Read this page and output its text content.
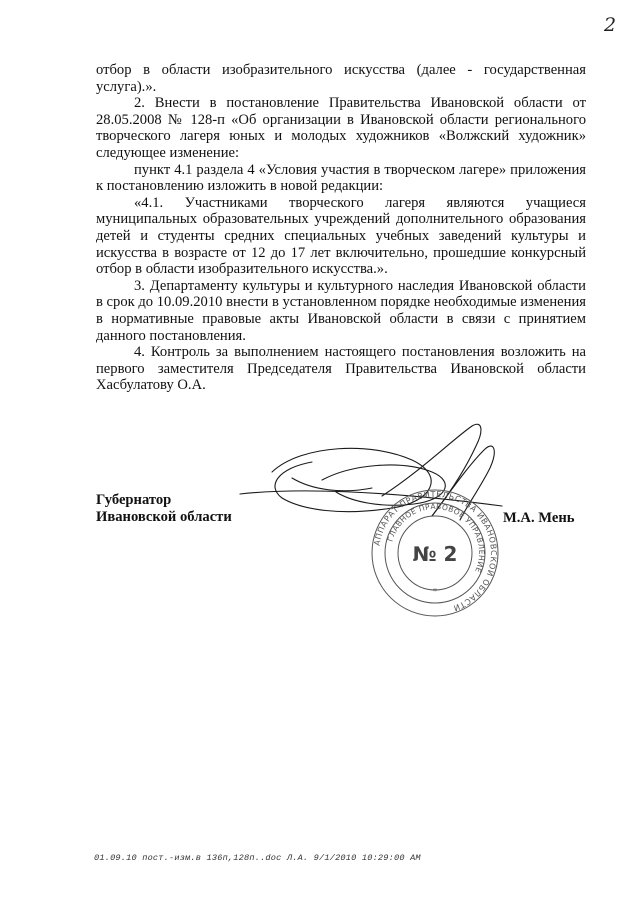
2

отбор в области изобразительного искусства (далее - государственная услуга).».

2. Внести в постановление Правительства Ивановской области от 28.05.2008 № 128-п «Об организации в Ивановской области регионального творческого лагеря юных и молодых художников «Волжский художник» следующее изменение:

пункт 4.1 раздела 4 «Условия участия в творческом лагере» приложения к постановлению изложить в новой редакции:

«4.1. Участниками творческого лагеря являются учащиеся муниципальных образовательных учреждений дополнительного образования детей и студенты средних специальных учебных заведений культуры и искусства в возрасте от 12 до 17 лет включительно, прошедшие конкурсный отбор в области изобразительного искусства.».

3. Департаменту культуры и культурного наследия Ивановской области в срок до 10.09.2010 внести в установленном порядке необходимые изменения в нормативные правовые акты Ивановской области в связи с принятием данного постановления.

4. Контроль за выполнением настоящего постановления возложить на первого заместителя Председателя Правительства Ивановской области Хасбулатову О.А.

Губернатор
Ивановской области	М.А. Мень
АППАРАТ ПРАВИТЕЛЬСТВА ИВАНОВСКОЙ ОБЛАСТИ
ГЛАВНОЕ ПРАВОВОЕ УПРАВЛЕНИЕ
№ 2
*
01.09.10 пост.-изм.в 136п,128п..doc Л.А. 9/1/2010 10:29:00 AM
